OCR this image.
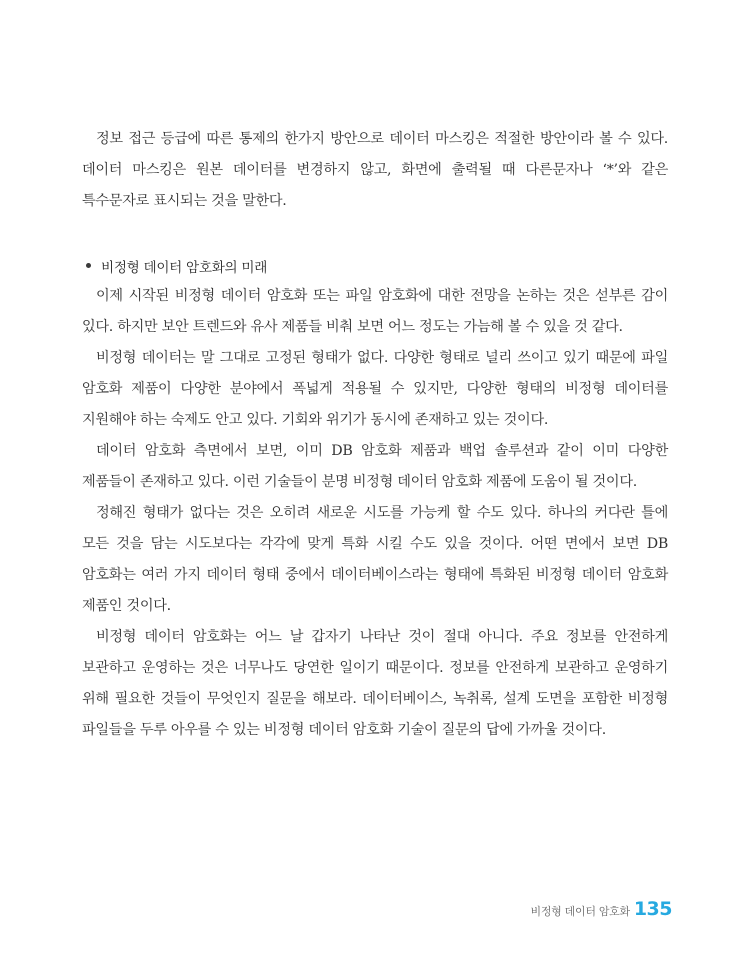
정보 접근 등급에 따른 통제의 한가지 방안으로 데이터 마스킹은 적절한 방안이라 볼 수 있다. 데이터 마스킹은 원본 데이터를 변경하지 않고, 화면에 출력될 때 다른문자나 ‘*’와 같은 특수문자로 표시되는 것을 말한다.

비정형 데이터 암호화의 미래

이제 시작된 비정형 데이터 암호화 또는 파일 암호화에 대한 전망을 논하는 것은 섣부른 감이 있다. 하지만 보안 트렌드와 유사 제품들 비춰 보면 어느 정도는 가늠해 볼 수 있을 것 같다.

비정형 데이터는 말 그대로 고정된 형태가 없다. 다양한 형태로 널리 쓰이고 있기 때문에 파일 암호화 제품이 다양한 분야에서 폭넓게 적용될 수 있지만, 다양한 형태의 비정형 데이터를 지원해야 하는 숙제도 안고 있다. 기회와 위기가 동시에 존재하고 있는 것이다.

데이터 암호화 측면에서 보면, 이미 DB 암호화 제품과 백업 솔루션과 같이 이미 다양한 제품들이 존재하고 있다. 이런 기술들이 분명 비정형 데이터 암호화 제품에 도움이 될 것이다.

정해진 형태가 없다는 것은 오히려 새로운 시도를 가능케 할 수도 있다. 하나의 커다란 틀에 모든 것을 담는 시도보다는 각각에 맞게 특화 시킬 수도 있을 것이다. 어떤 면에서 보면 DB 암호화는 여러 가지 데이터 형태 중에서 데이터베이스라는 형태에 특화된 비정형 데이터 암호화 제품인 것이다.

비정형 데이터 암호화는 어느 날 갑자기 나타난 것이 절대 아니다. 주요 정보를 안전하게 보관하고 운영하는 것은 너무나도 당연한 일이기 때문이다. 정보를 안전하게 보관하고 운영하기 위해 필요한 것들이 무엇인지 질문을 해보라. 데이터베이스, 녹취록, 설계 도면을 포함한 비정형 파일들을 두루 아우를 수 있는 비정형 데이터 암호화 기술이 질문의 답에 가까울 것이다.

비정형 데이터 암호화 135
